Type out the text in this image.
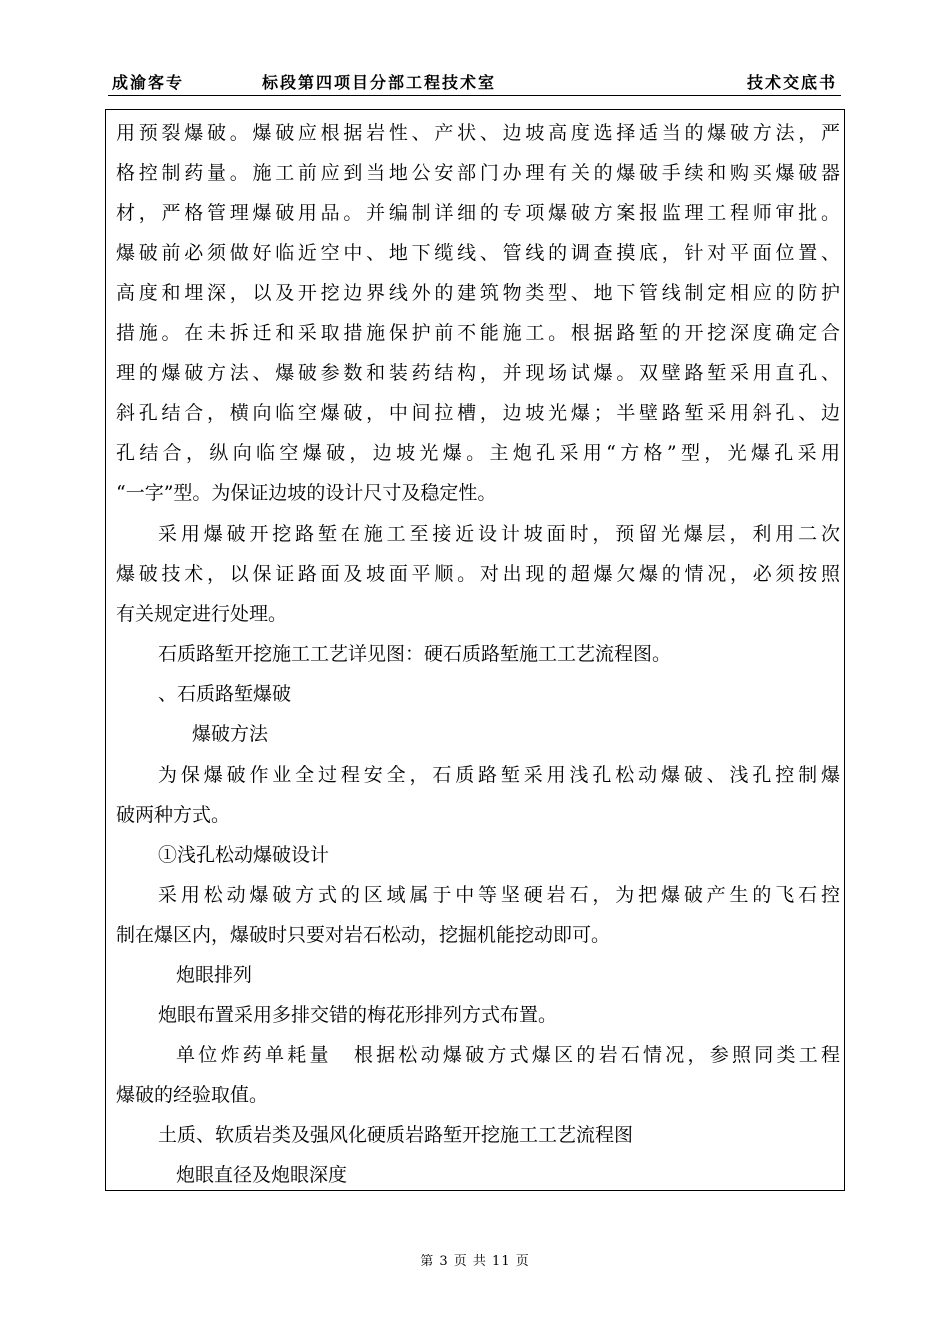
成渝客专	标段第四项目分部工程技术室	技术交底书
用预裂爆破。爆破应根据岩性、产状、边坡高度选择适当的爆破方法，严
格控制药量。施工前应到当地公安部门办理有关的爆破手续和购买爆破器
材，严格管理爆破用品。并编制详细的专项爆破方案报监理工程师审批。
爆破前必须做好临近空中、地下缆线、管线的调查摸底，针对平面位置、
高度和埋深，以及开挖边界线外的建筑物类型、地下管线制定相应的防护
措施。在未拆迁和采取措施保护前不能施工。根据路堑的开挖深度确定合
理的爆破方法、爆破参数和装药结构，并现场试爆。双壁路堑采用直孔、
斜孔结合，横向临空爆破，中间拉槽，边坡光爆；半壁路堑采用斜孔、边
孔结合，纵向临空爆破，边坡光爆。主炮孔采用“方格”型，光爆孔采用
“一字”型。为保证边坡的设计尺寸及稳定性。
采用爆破开挖路堑在施工至接近设计坡面时，预留光爆层，利用二次
爆破技术，以保证路面及坡面平顺。对出现的超爆欠爆的情况，必须按照
有关规定进行处理。
石质路堑开挖施工工艺详见图：硬石质路堑施工工艺流程图。
、石质路堑爆破
爆破方法
为保爆破作业全过程安全，石质路堑采用浅孔松动爆破、浅孔控制爆
破两种方式。
①浅孔松动爆破设计
采用松动爆破方式的区域属于中等坚硬岩石，为把爆破产生的飞石控
制在爆区内，爆破时只要对岩石松动，挖掘机能挖动即可。
炮眼排列
炮眼布置采用多排交错的梅花形排列方式布置。
单位炸药单耗量　根据松动爆破方式爆区的岩石情况，参照同类工程
爆破的经验取值。
土质、软质岩类及强风化硬质岩路堑开挖施工工艺流程图
炮眼直径及炮眼深度
第 3 页 共 11 页
